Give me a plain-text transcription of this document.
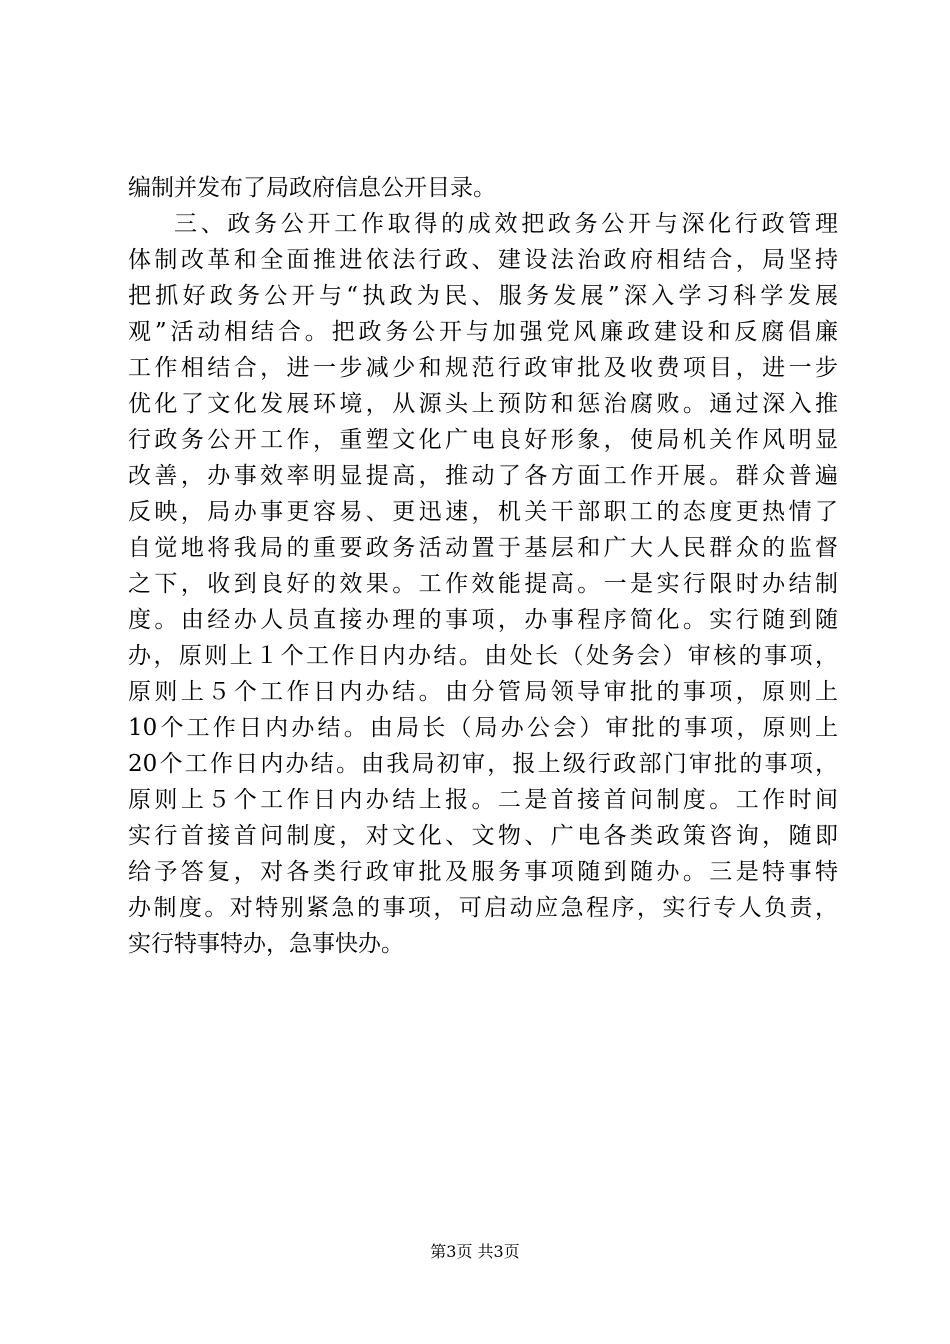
编制并发布了局政府信息公开目录。
三、政务公开工作取得的成效把政务公开与深化行政管理
体制改革和全面推进依法行政、建设法治政府相结合，局坚持
把抓好政务公开与“执政为民、服务发展”深入学习科学发展
观”活动相结合。把政务公开与加强党风廉政建设和反腐倡廉
工作相结合，进一步减少和规范行政审批及收费项目，进一步
优化了文化发展环境，从源头上预防和惩治腐败。通过深入推
行政务公开工作，重塑文化广电良好形象，使局机关作风明显
改善，办事效率明显提高，推动了各方面工作开展。群众普遍
反映，局办事更容易、更迅速，机关干部职工的态度更热情了
自觉地将我局的重要政务活动置于基层和广大人民群众的监督
之下，收到良好的效果。工作效能提高。一是实行限时办结制
度。由经办人员直接办理的事项，办事程序简化。实行随到随
办，原则上１个工作日内办结。由处长（处务会）审核的事项，
原则上５个工作日内办结。由分管局领导审批的事项，原则上
10个工作日内办结。由局长（局办公会）审批的事项，原则上
20个工作日内办结。由我局初审，报上级行政部门审批的事项，
原则上５个工作日内办结上报。二是首接首问制度。工作时间
实行首接首问制度，对文化、文物、广电各类政策咨询，随即
给予答复，对各类行政审批及服务事项随到随办。三是特事特
办制度。对特别紧急的事项，可启动应急程序，实行专人负责，
实行特事特办，急事快办。
第3页 共3页
